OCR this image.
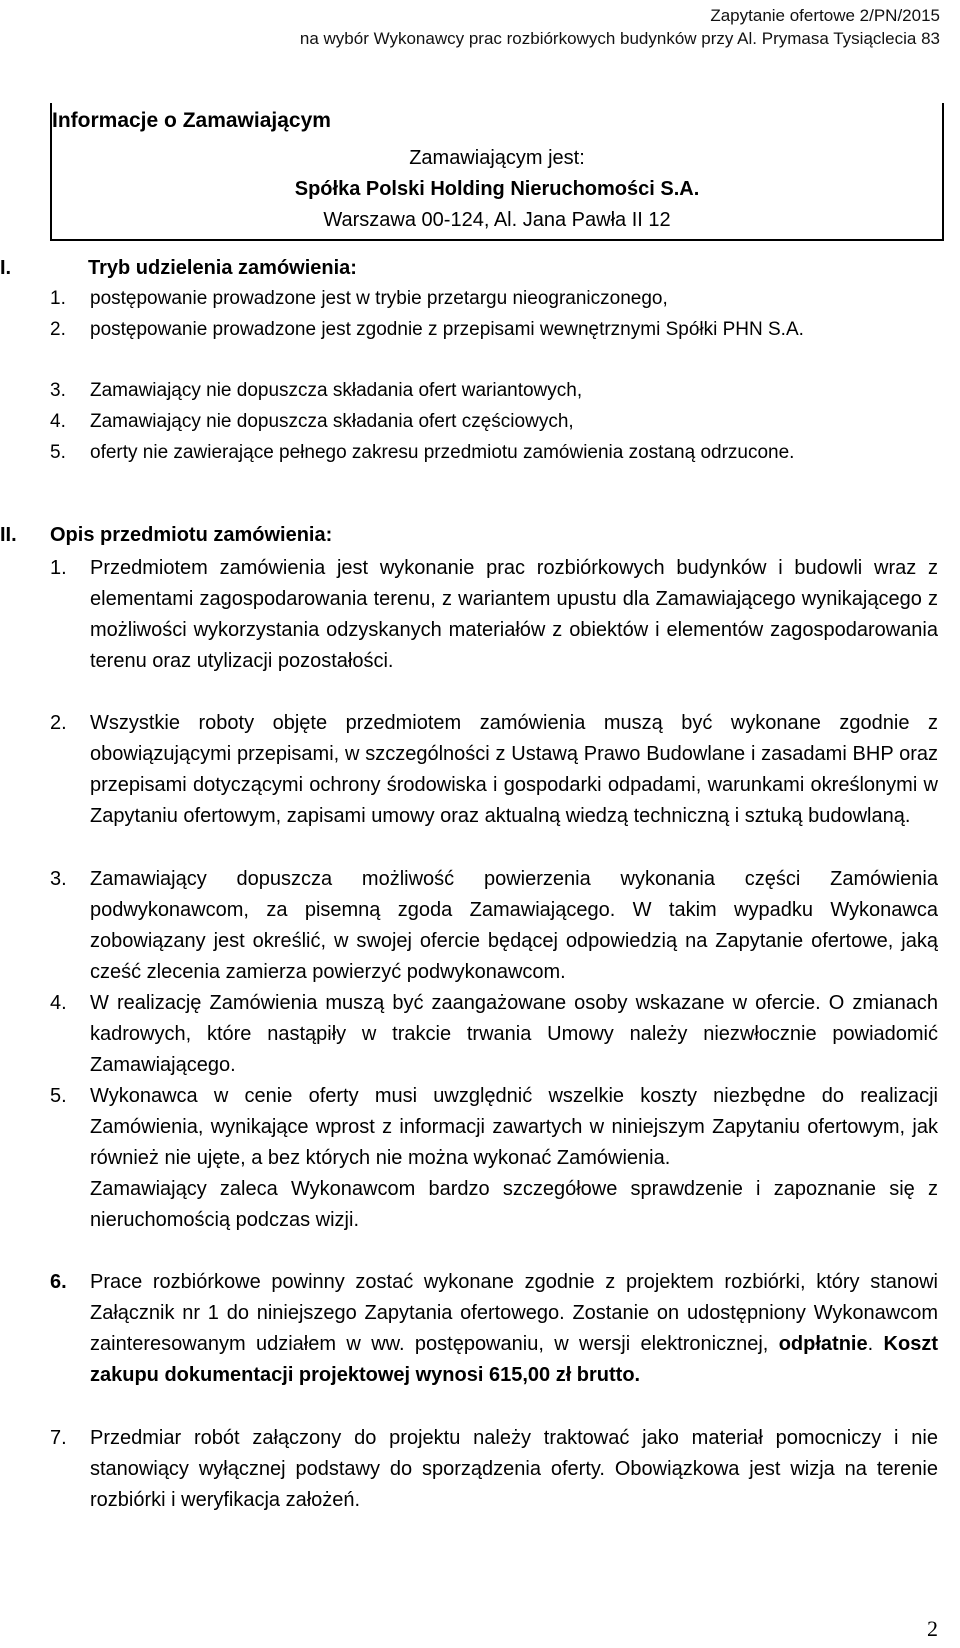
Zapytanie ofertowe 2/PN/2015
na wybór Wykonawcy prac rozbiórkowych budynków przy Al. Prymasa Tysiąclecia 83
Informacje o Zamawiającym
Zamawiającym jest:
Spółka Polski Holding Nieruchomości S.A.
Warszawa 00-124, Al. Jana Pawła II 12
I.	Tryb udzielenia zamówienia:
1. postępowanie prowadzone jest w trybie przetargu nieograniczonego,
2. postępowanie prowadzone jest zgodnie z przepisami wewnętrznymi Spółki PHN S.A.
3. Zamawiający nie dopuszcza składania ofert wariantowych,
4. Zamawiający nie dopuszcza składania ofert częściowych,
5. oferty nie zawierające pełnego zakresu przedmiotu zamówienia zostaną odrzucone.
II. Opis przedmiotu zamówienia:
1. Przedmiotem zamówienia jest wykonanie prac rozbiórkowych budynków i budowli wraz z elementami zagospodarowania terenu, z wariantem upustu dla Zamawiającego wynikającego z możliwości wykorzystania odzyskanych materiałów z obiektów i elementów zagospodarowania terenu oraz utylizacji pozostałości.
2. Wszystkie roboty objęte przedmiotem zamówienia muszą być wykonane zgodnie z obowiązującymi przepisami, w szczególności z Ustawą Prawo Budowlane i zasadami BHP oraz przepisami dotyczącymi ochrony środowiska i gospodarki odpadami, warunkami określonymi w Zapytaniu ofertowym, zapisami umowy oraz aktualną wiedzą techniczną i sztuką budowlaną.
3. Zamawiający dopuszcza możliwość powierzenia wykonania części Zamówienia podwykonawcom, za pisemną zgoda Zamawiającego. W takim wypadku Wykonawca zobowiązany jest określić, w swojej ofercie będącej odpowiedzią na Zapytanie ofertowe, jaką cześć zlecenia zamierza powierzyć podwykonawcom.
4. W realizację Zamówienia muszą być zaangażowane osoby wskazane w ofercie. O zmianach kadrowych, które nastąpiły w trakcie trwania Umowy należy niezwłocznie powiadomić Zamawiającego.
5. Wykonawca w cenie oferty musi uwzględnić wszelkie koszty niezbędne do realizacji Zamówienia, wynikające wprost z informacji zawartych w niniejszym Zapytaniu ofertowym, jak również nie ujęte, a bez których nie można wykonać Zamówienia.
Zamawiający zaleca Wykonawcom bardzo szczegółowe sprawdzenie i zapoznanie się z nieruchomością podczas wizji.
6. Prace rozbiórkowe powinny zostać wykonane zgodnie z projektem rozbiórki, który stanowi Załącznik nr 1 do niniejszego Zapytania ofertowego. Zostanie on udostępniony Wykonawcom zainteresowanym udziałem w ww. postępowaniu, w wersji elektronicznej, odpłatnie. Koszt zakupu dokumentacji projektowej wynosi 615,00 zł brutto.
7. Przedmiar robót załączony do projektu należy traktować jako materiał pomocniczy i nie stanowiący wyłącznej podstawy do sporządzenia oferty. Obowiązkowa jest wizja na terenie rozbiórki i weryfikacja założeń.
2
